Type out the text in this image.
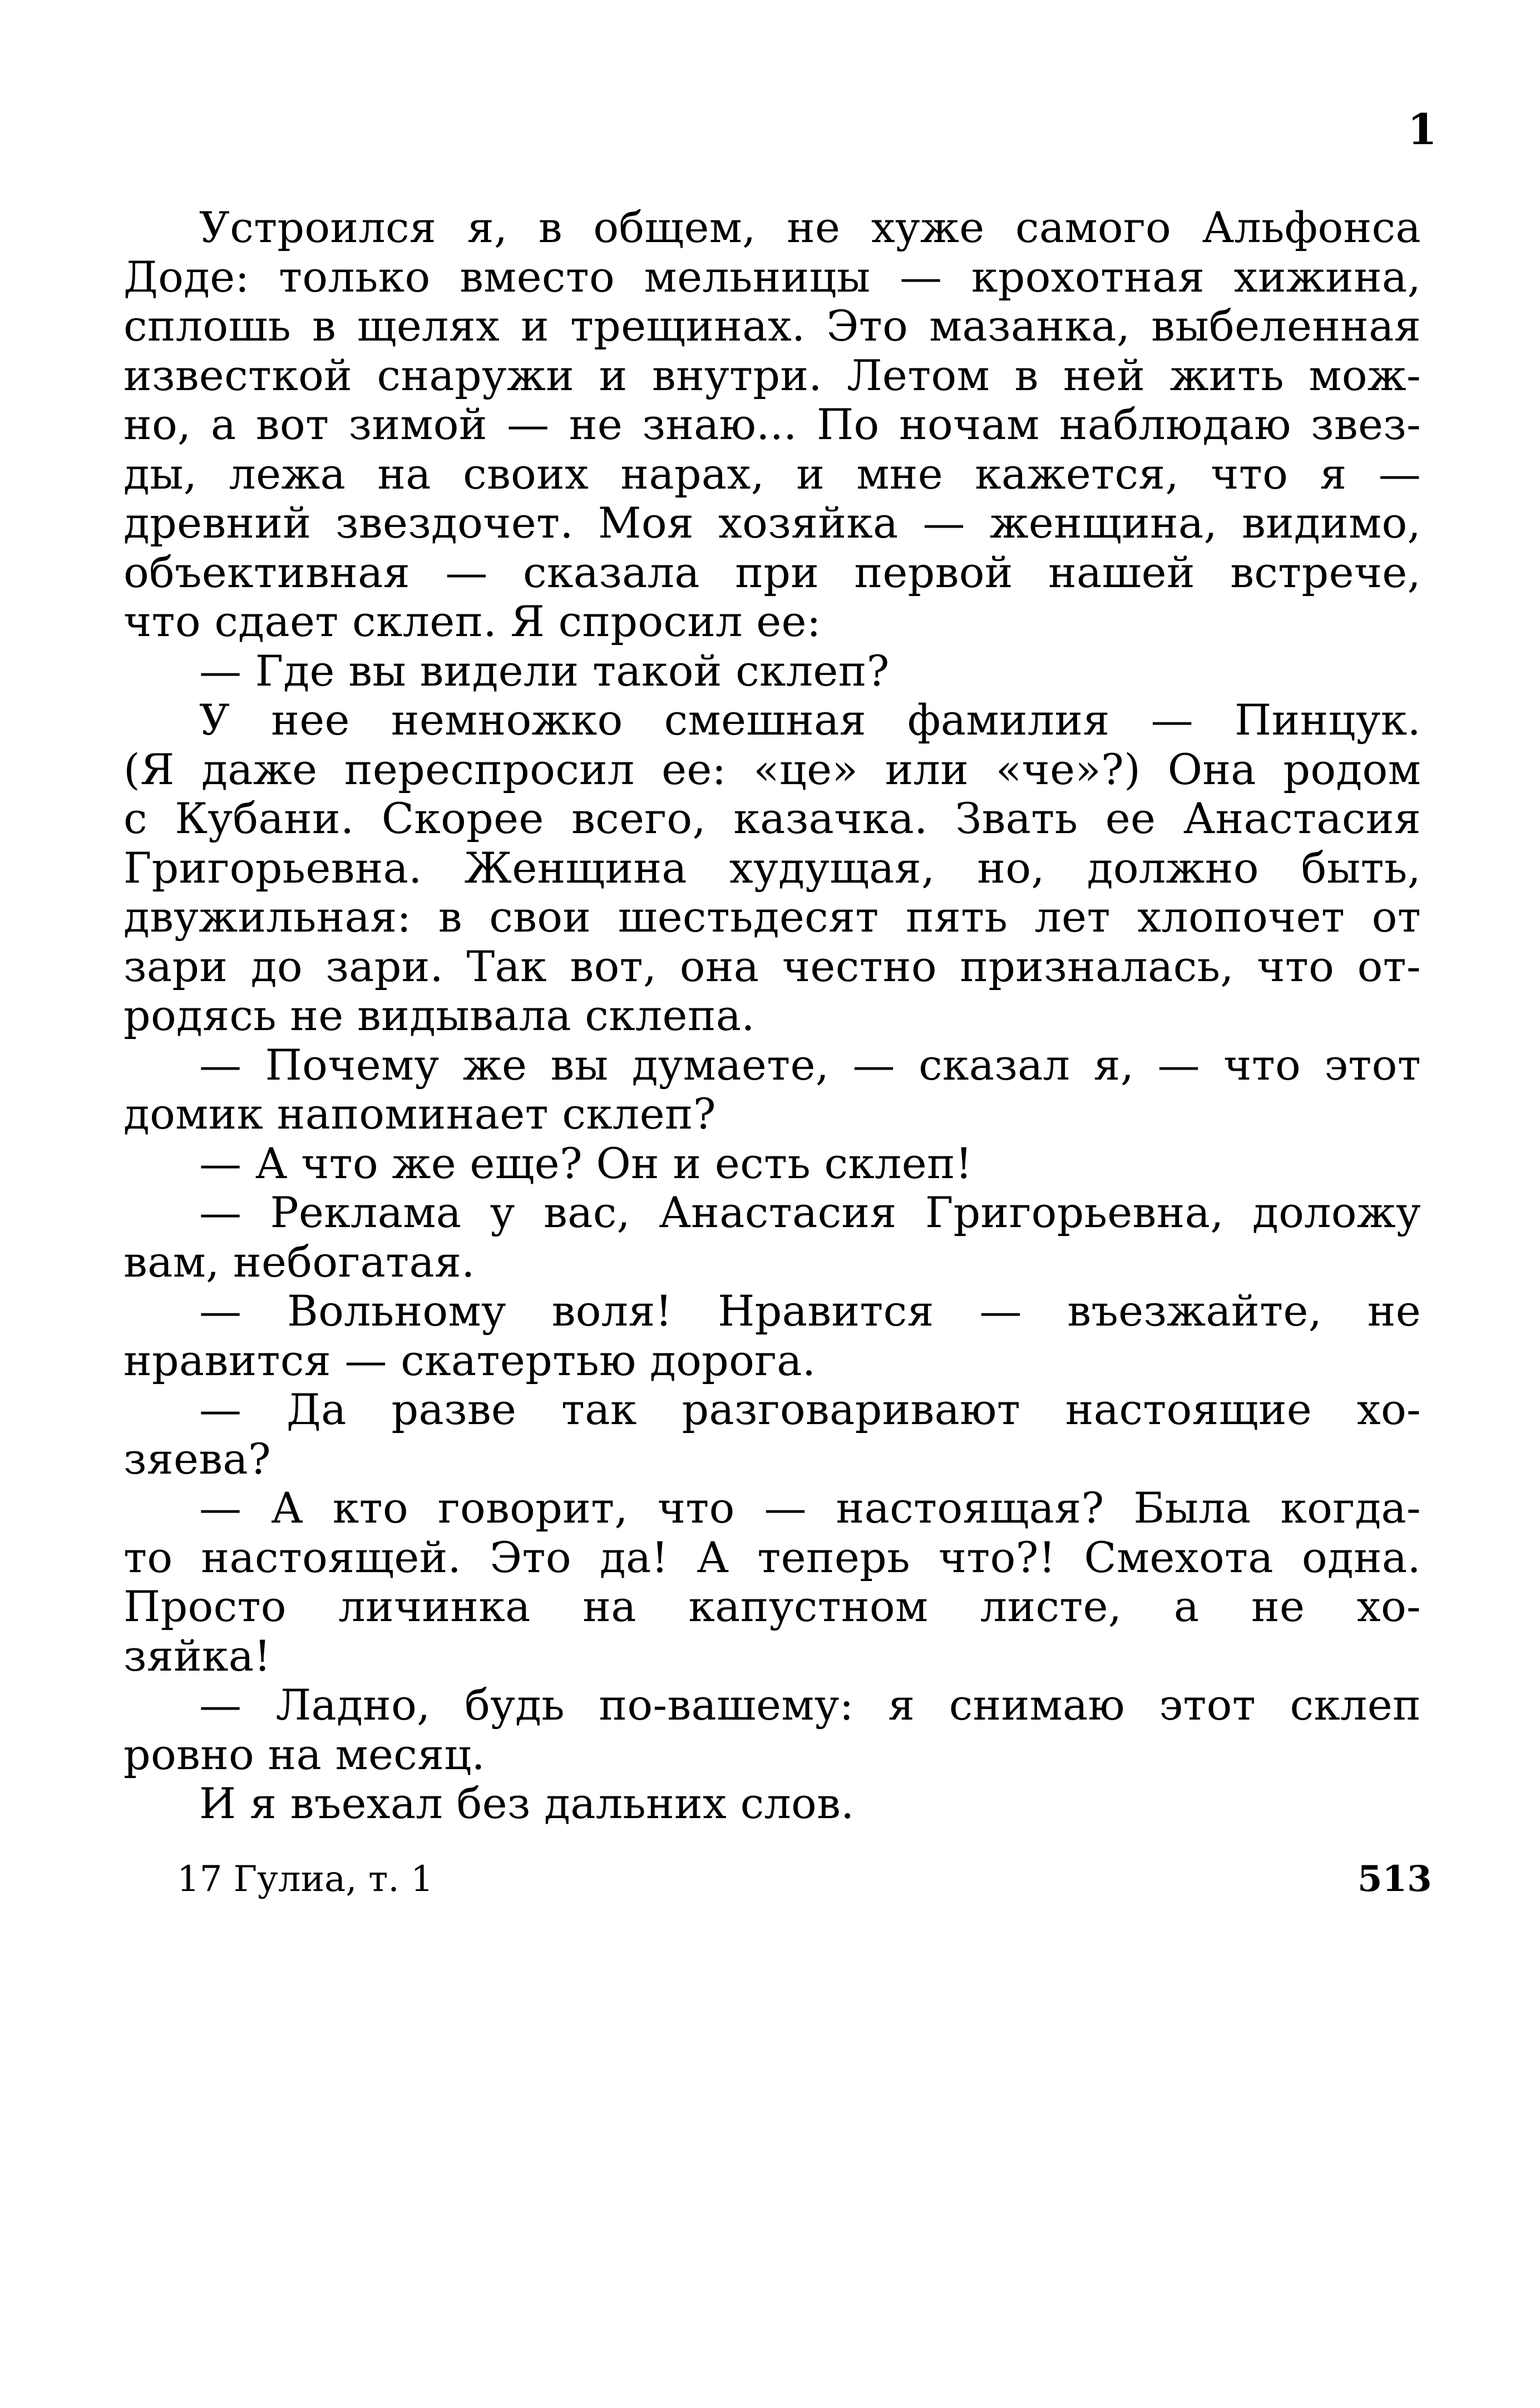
1
Устроился я, в общем, не хуже самого Альфонса
Доде: только вместо мельницы — крохотная хижина,
сплошь в щелях и трещинах. Это мазанка, выбеленная
известкой снаружи и внутри. Летом в ней жить мож-
но, а вот зимой — не знаю... По ночам наблюдаю звез-
ды, лежа на своих нарах, и мне кажется, что я —
древний звездочет. Моя хозяйка — женщина, видимо,
объективная — сказала при первой нашей встрече,
что сдает склеп. Я спросил ее:
— Где вы видели такой склеп?
У нее немножко смешная фамилия — Пинцук.
(Я даже переспросил ее: «це» или «че»?) Она родом
с Кубани. Скорее всего, казачка. Звать ее Анастасия
Григорьевна. Женщина худущая, но, должно быть,
двужильная: в свои шестьдесят пять лет хлопочет от
зари до зари. Так вот, она честно призналась, что от-
родясь не видывала склепа.
— Почему же вы думаете, — сказал я, — что этот
домик напоминает склеп?
— А что же еще? Он и есть склеп!
— Реклама у вас, Анастасия Григорьевна, доложу
вам, небогатая.
— Вольному воля! Нравится — въезжайте, не
нравится — скатертью дорога.
— Да разве так разговаривают настоящие хо-
зяева?
— А кто говорит, что — настоящая? Была когда-
то настоящей. Это да! А теперь что?! Смехота одна.
Просто личинка на капустном листе, а не хо-
зяйка!
— Ладно, будь по-вашему: я снимаю этот склеп
ровно на месяц.
И я въехал без дальних слов.
17 Гулиа, т. 1	513
